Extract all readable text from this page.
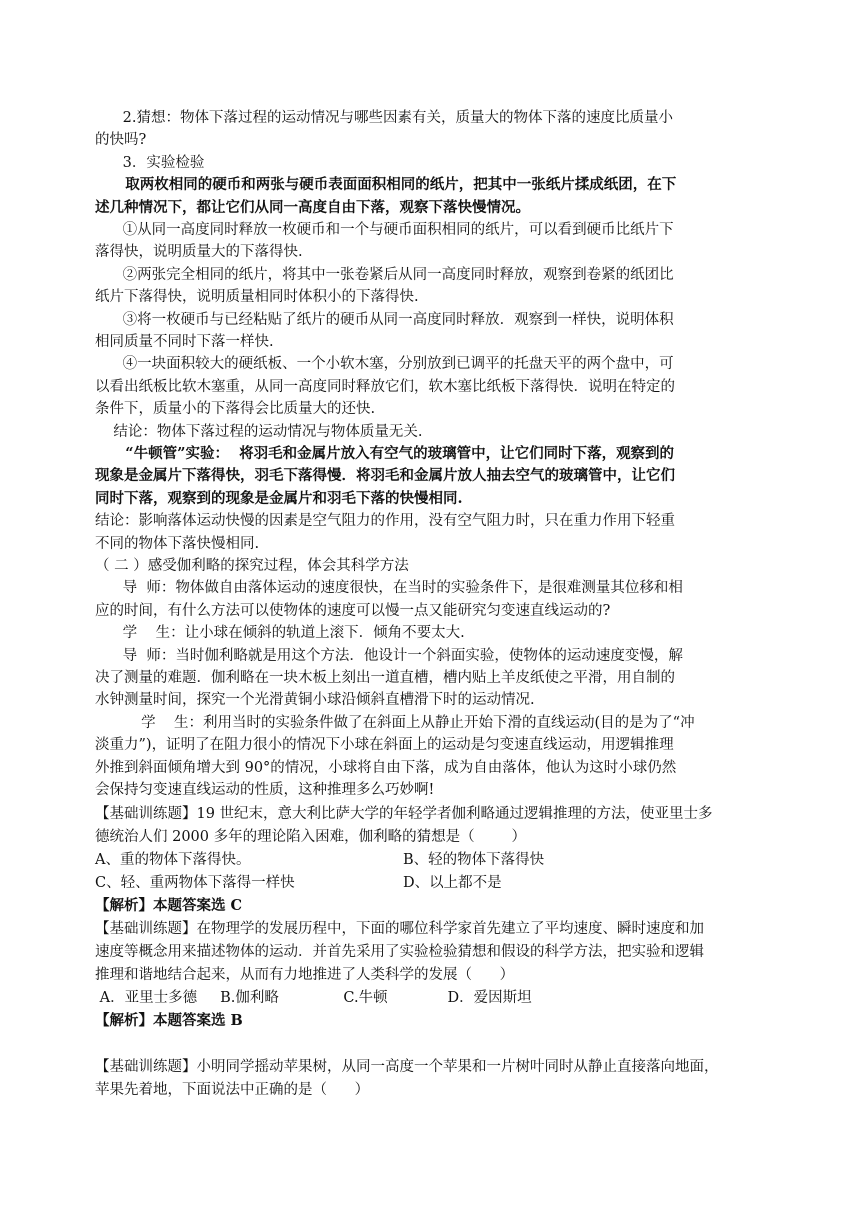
2.猜想：物体下落过程的运动情况与哪些因素有关，质量大的物体下落的速度比质量小
的快吗?
3．实验检验
取两枚相同的硬币和两张与硬币表面面积相同的纸片，把其中一张纸片揉成纸团，在下
述几种情况下，都让它们从同一高度自由下落，观察下落快慢情况。
①从同一高度同时释放一枚硬币和一个与硬币面积相同的纸片，可以看到硬币比纸片下
落得快，说明质量大的下落得快.
②两张完全相同的纸片，将其中一张卷紧后从同一高度同时释放，观察到卷紧的纸团比
纸片下落得快，说明质量相同时体积小的下落得快.
③将一枚硬币与已经粘贴了纸片的硬币从同一高度同时释放．观察到一样快，说明体积
相同质量不同时下落一样快.
④一块面积较大的硬纸板、一个小软木塞，分别放到已调平的托盘天平的两个盘中，可
以看出纸板比软木塞重，从同一高度同时释放它们，软木塞比纸板下落得快．说明在特定的
条件下，质量小的下落得会比质量大的还快.
结论：物体下落过程的运动情况与物体质量无关.
“牛顿管”实验：  将羽毛和金属片放入有空气的玻璃管中，让它们同时下落，观察到的
现象是金属片下落得快，羽毛下落得慢．将羽毛和金属片放人抽去空气的玻璃管中，让它们
同时下落，观察到的现象是金属片和羽毛下落的快慢相同.
结论：影响落体运动快慢的因素是空气阻力的作用，没有空气阻力时，只在重力作用下轻重
不同的物体下落快慢相同.
（ 二 ）感受伽利略的探究过程，体会其科学方法
导  师：物体做自由落体运动的速度很快，在当时的实验条件下，是很难测量其位移和相
应的时间，有什么方法可以使物体的速度可以慢一点又能研究匀变速直线运动的?
学    生：让小球在倾斜的轨道上滚下．倾角不要太大.
导  师：当时伽利略就是用这个方法．他设计一个斜面实验，使物体的运动速度变慢，解
决了测量的难题．伽利略在一块木板上刻出一道直槽，槽内贴上羊皮纸使之平滑，用自制的
水钟测量时间，探究一个光滑黄铜小球沿倾斜直槽滑下时的运动情况.
学    生：利用当时的实验条件做了在斜面上从静止开始下滑的直线运动(目的是为了“冲
淡重力”)，证明了在阻力很小的情况下小球在斜面上的运动是匀变速直线运动，用逻辑推理
外推到斜面倾角增大到 90°的情况，小球将自由下落，成为自由落体，他认为这时小球仍然
会保持匀变速直线运动的性质，这种推理多么巧妙啊!
【基础训练题】19 世纪末，意大利比萨大学的年轻学者伽利略通过逻辑推理的方法，使亚里士多
德统治人们 2000 多年的理论陷入困难，伽利略的猜想是（        ）
A、重的物体下落得快。	B、轻的物体下落得快
C、轻、重两物体下落得一样快	D、以上都不是
【解析】本题答案选 C
【基础训练题】在物理学的发展历程中，下面的哪位科学家首先建立了平均速度、瞬时速度和加
速度等概念用来描述物体的运动．并首先采用了实验检验猜想和假设的科学方法，把实验和逻辑
推理和谐地结合起来，从而有力地推进了人类科学的发展（      ）
A．亚里士多德     B.伽利略              C.牛顿             D．爱因斯坦
【解析】本题答案选 B
【基础训练题】小明同学摇动苹果树，从同一高度一个苹果和一片树叶同时从静止直接落向地面，
苹果先着地，下面说法中正确的是（      ）
